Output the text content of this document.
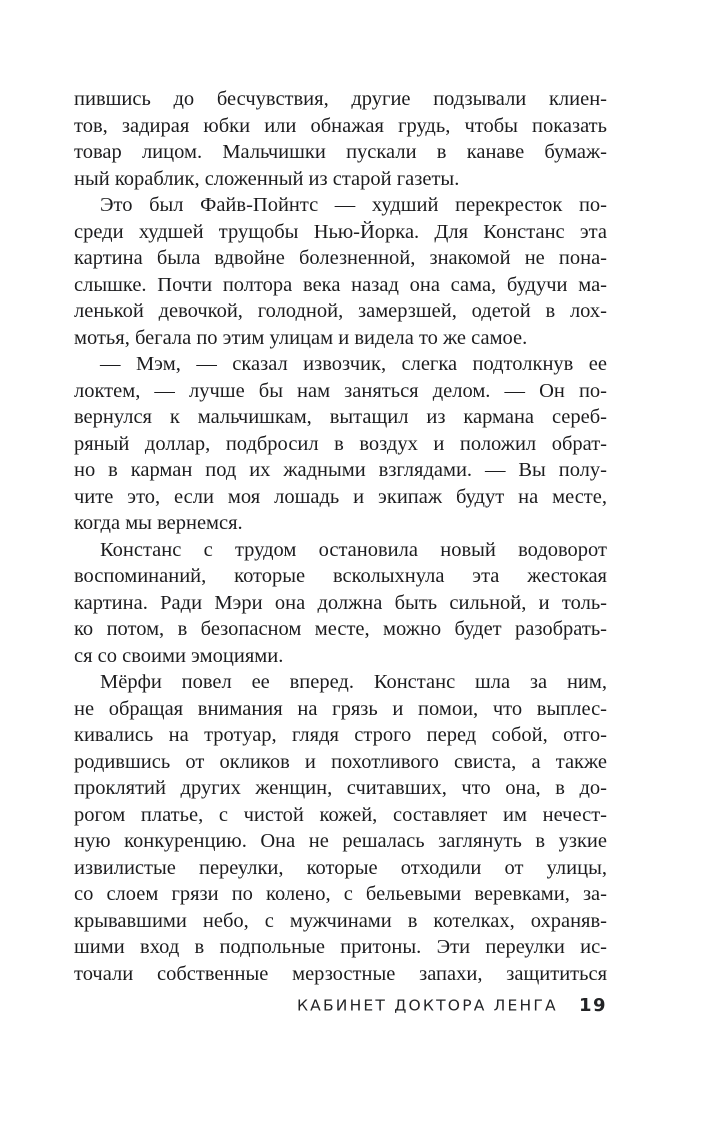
пившись до бесчувствия, другие подзывали клиен-
тов, задирая юбки или обнажая грудь, чтобы показать
товар лицом. Мальчишки пускали в канаве бумаж-
ный кораблик, сложенный из старой газеты.
Это был Файв-Пойнтс — худший перекресток по-
среди худшей трущобы Нью-Йорка. Для Констанс эта
картина была вдвойне болезненной, знакомой не пона-
слышке. Почти полтора века назад она сама, будучи ма-
ленькой девочкой, голодной, замерзшей, одетой в лох-
мотья, бегала по этим улицам и видела то же самое.
— Мэм, — сказал извозчик, слегка подтолкнув ее
локтем, — лучше бы нам заняться делом. — Он по-
вернулся к мальчишкам, вытащил из кармана сереб-
ряный доллар, подбросил в воздух и положил обрат-
но в карман под их жадными взглядами. — Вы полу-
чите это, если моя лошадь и экипаж будут на месте,
когда мы вернемся.
Констанс с трудом остановила новый водоворот
воспоминаний, которые всколыхнула эта жестокая
картина. Ради Мэри она должна быть сильной, и толь-
ко потом, в безопасном месте, можно будет разобрать-
ся со своими эмоциями.
Мёрфи повел ее вперед. Констанс шла за ним,
не обращая внимания на грязь и помои, что выплес-
кивались на тротуар, глядя строго перед собой, отго-
родившись от окликов и похотливого свиста, а также
проклятий других женщин, считавших, что она, в до-
рогом платье, с чистой кожей, составляет им нечест-
ную конкуренцию. Она не решалась заглянуть в узкие
извилистые переулки, которые отходили от улицы,
со слоем грязи по колено, с бельевыми веревками, за-
крывавшими небо, с мужчинами в котелках, охраняв-
шими вход в подпольные притоны. Эти переулки ис-
точали собственные мерзостные запахи, защититься
КАБИНЕТ ДОКТОРА ЛЕНГА 19
